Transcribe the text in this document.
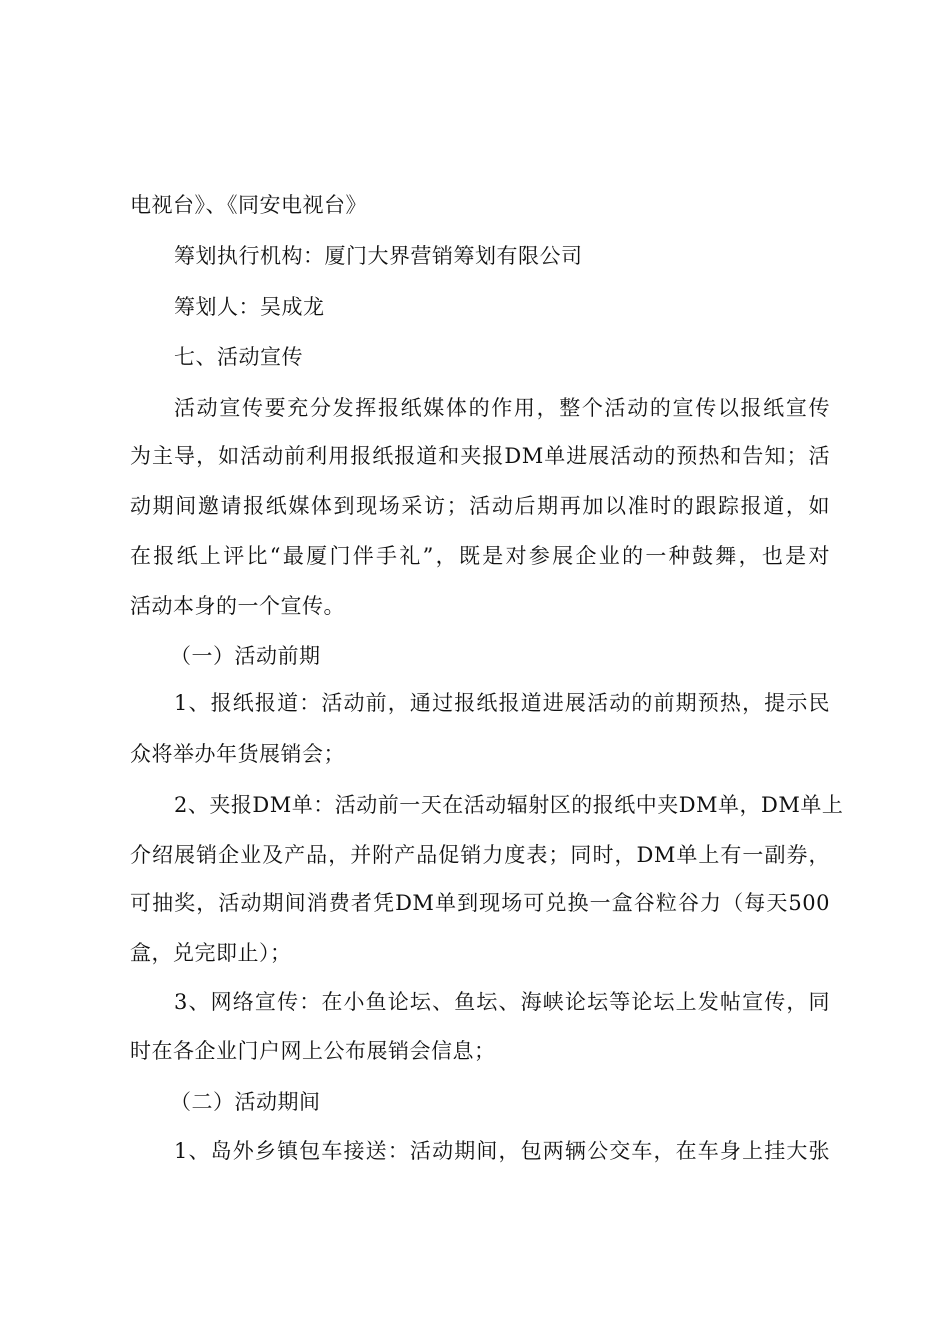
电视台》、《同安电视台》
筹划执行机构：厦门大界营销筹划有限公司
筹划人：吴成龙
七、活动宣传
活动宣传要充分发挥报纸媒体的作用，整个活动的宣传以报纸宣传
为主导，如活动前利用报纸报道和夹报DM单进展活动的预热和告知；活
动期间邀请报纸媒体到现场采访；活动后期再加以准时的跟踪报道，如
在报纸上评比“最厦门伴手礼”，既是对参展企业的一种鼓舞，也是对
活动本身的一个宣传。
（一）活动前期
1、报纸报道：活动前，通过报纸报道进展活动的前期预热，提示民
众将举办年货展销会；
2、夹报DM单：活动前一天在活动辐射区的报纸中夹DM单，DM单上
介绍展销企业及产品，并附产品促销力度表；同时，DM单上有一副券，
可抽奖，活动期间消费者凭DM单到现场可兑换一盒谷粒谷力（每天500
盒，兑完即止）；
3、网络宣传：在小鱼论坛、鱼坛、海峡论坛等论坛上发帖宣传，同
时在各企业门户网上公布展销会信息；
（二）活动期间
1、岛外乡镇包车接送：活动期间，包两辆公交车，在车身上挂大张
